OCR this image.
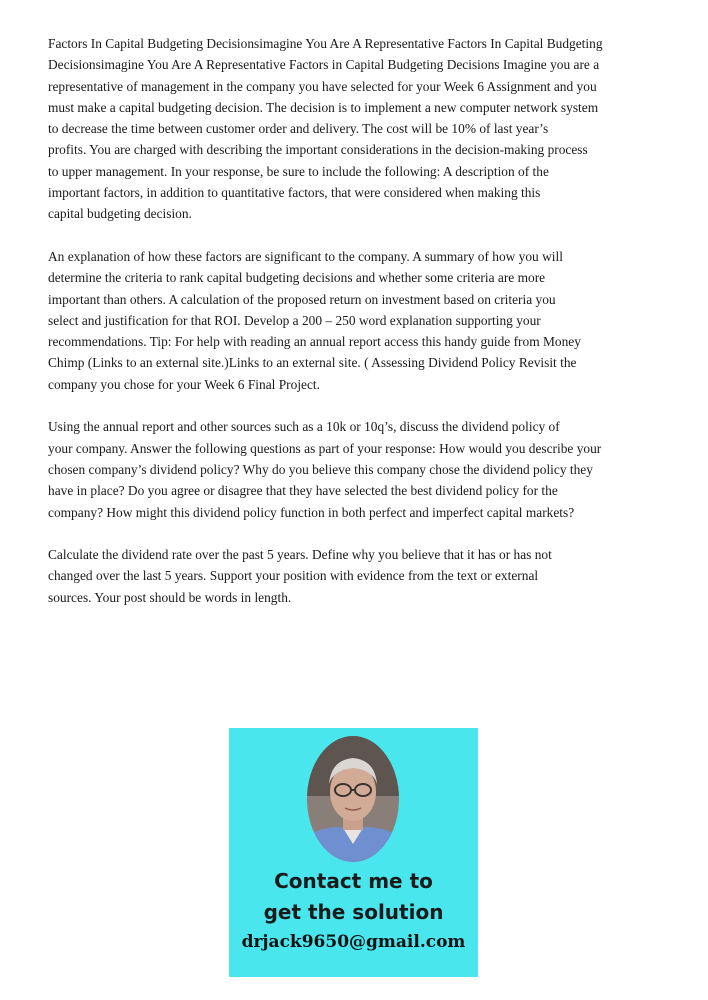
Factors In Capital Budgeting Decisionsimagine You Are A Representative Factors In Capital Budgeting
Decisionsimagine You Are A Representative Factors in Capital Budgeting Decisions Imagine you are a
representative of management in the company you have selected for your Week 6 Assignment and you
must make a capital budgeting decision. The decision is to implement a new computer network system
to decrease the time between customer order and delivery. The cost will be 10% of last year’s
profits. You are charged with describing the important considerations in the decision-making process
to upper management. In your response, be sure to include the following: A description of the
important factors, in addition to quantitative factors, that were considered when making this
capital budgeting decision.
An explanation of how these factors are significant to the company. A summary of how you will
determine the criteria to rank capital budgeting decisions and whether some criteria are more
important than others. A calculation of the proposed return on investment based on criteria you
select and justification for that ROI. Develop a 200 – 250 word explanation supporting your
recommendations. Tip: For help with reading an annual report access this handy guide from Money
Chimp (Links to an external site.)Links to an external site. ( Assessing Dividend Policy Revisit the
company you chose for your Week 6 Final Project.
Using the annual report and other sources such as a 10k or 10q’s, discuss the dividend policy of
your company. Answer the following questions as part of your response: How would you describe your
chosen company’s dividend policy? Why do you believe this company chose the dividend policy they
have in place? Do you agree or disagree that they have selected the best dividend policy for the
company? How might this dividend policy function in both perfect and imperfect capital markets?
Calculate the dividend rate over the past 5 years. Define why you believe that it has or has not
changed over the last 5 years. Support your position with evidence from the text or external
sources. Your post should be words in length.
Contact me to
get the solution
drjack9650@gmail.com
